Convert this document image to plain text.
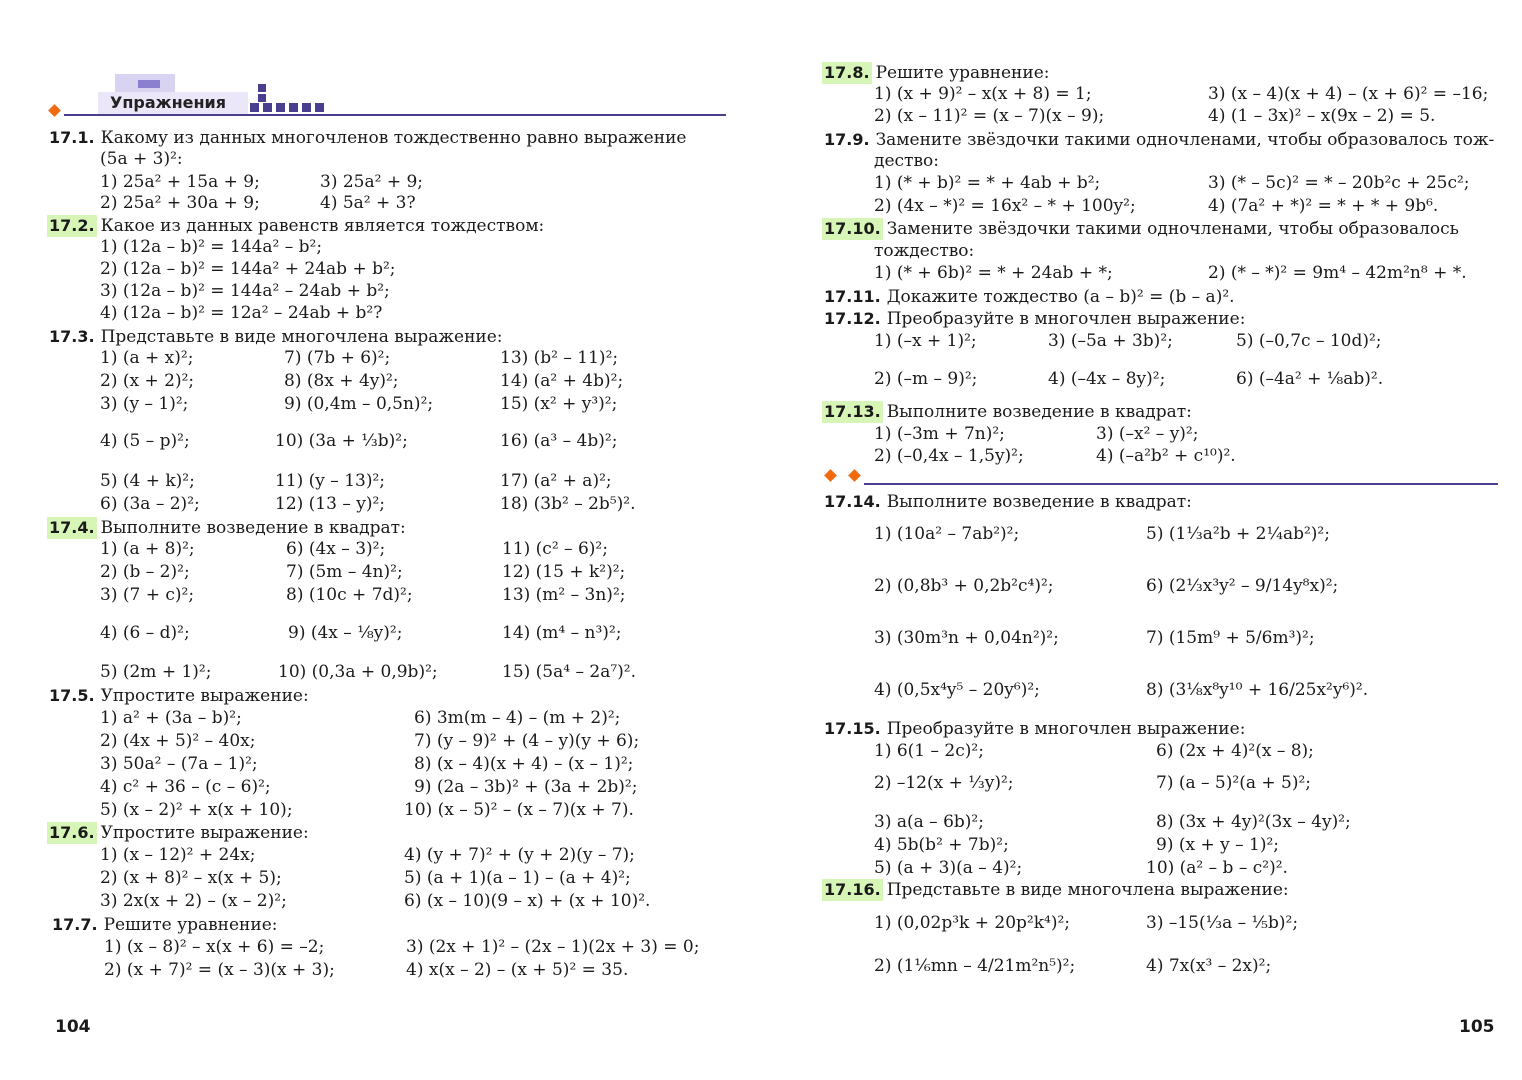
Упражнения
17.1. Какому из данных многочленов тождественно равно выражение
(5a + 3)²:
1) 25a² + 15a + 9;	3) 25a² + 9;
2) 25a² + 30a + 9;	4) 5a² + 3?
17.2. Какое из данных равенств является тождеством:
1) (12a – b)² = 144a² – b²;
2) (12a – b)² = 144a² + 24ab + b²;
3) (12a – b)² = 144a² – 24ab + b²;
4) (12a – b)² = 12a² – 24ab + b²?
17.3. Представьте в виде многочлена выражение:
1) (a + x)²;	7) (7b + 6)²;	13) (b² – 11)²;
2) (x + 2)²;	8) (8x + 4y)²;	14) (a² + 4b)²;
3) (y – 1)²;	9) (0,4m – 0,5n)²;	15) (x² + y³)²;
4) (5 – p)²;	10) (3a + ⅓b)²;	16) (a³ – 4b)²;
5) (4 + k)²;	11) (y – 13)²;	17) (a² + a)²;
6) (3a – 2)²;	12) (13 – y)²;	18) (3b² – 2b⁵)².
17.4. Выполните возведение в квадрат:
1) (a + 8)²;	6) (4x – 3)²;	11) (c² – 6)²;
2) (b – 2)²;	7) (5m – 4n)²;	12) (15 + k²)²;
3) (7 + c)²;	8) (10c + 7d)²;	13) (m² – 3n)²;
4) (6 – d)²;	9) (4x – ⅛y)²;	14) (m⁴ – n³)²;
5) (2m + 1)²;	10) (0,3a + 0,9b)²;	15) (5a⁴ – 2a⁷)².
17.5. Упростите выражение:
1) a² + (3a – b)²;	6) 3m(m – 4) – (m + 2)²;
2) (4x + 5)² – 40x;	7) (y – 9)² + (4 – y)(y + 6);
3) 50a² – (7a – 1)²;	8) (x – 4)(x + 4) – (x – 1)²;
4) c² + 36 – (c – 6)²;	9) (2a – 3b)² + (3a + 2b)²;
5) (x – 2)² + x(x + 10);	10) (x – 5)² – (x – 7)(x + 7).
17.6. Упростите выражение:
1) (x – 12)² + 24x;	4) (y + 7)² + (y + 2)(y – 7);
2) (x + 8)² – x(x + 5);	5) (a + 1)(a – 1) – (a + 4)²;
3) 2x(x + 2) – (x – 2)²;	6) (x – 10)(9 – x) + (x + 10)².
17.7. Решите уравнение:
1) (x – 8)² – x(x + 6) = –2;	3) (2x + 1)² – (2x – 1)(2x + 3) = 0;
2) (x + 7)² = (x – 3)(x + 3);	4) x(x – 2) – (x + 5)² = 35.
104
17.8. Решите уравнение:
1) (x + 9)² – x(x + 8) = 1;	3) (x – 4)(x + 4) – (x + 6)² = –16;
2) (x – 11)² = (x – 7)(x – 9);	4) (1 – 3x)² – x(9x – 2) = 5.
17.9. Замените звёздочки такими одночленами, чтобы образовалось тож-
дество:
1) (* + b)² = * + 4ab + b²;	3) (* – 5c)² = * – 20b²c + 25c²;
2) (4x – *)² = 16x² – * + 100y²;	4) (7a² + *)² = * + * + 9b⁶.
17.10. Замените звёздочки такими одночленами, чтобы образовалось
тождество:
1) (* + 6b)² = * + 24ab + *;	2) (* – *)² = 9m⁴ – 42m²n⁸ + *.
17.11. Докажите тождество (a – b)² = (b – a)².
17.12. Преобразуйте в многочлен выражение:
1) (–x + 1)²;	3) (–5a + 3b)²;	5) (–0,7c – 10d)²;
2) (–m – 9)²;	4) (–4x – 8y)²;	6) (–4a² + ⅛ab)².
17.13. Выполните возведение в квадрат:
1) (–3m + 7n)²;	3) (–x² – y)²;
2) (–0,4x – 1,5y)²;	4) (–a²b² + c¹⁰)².
17.14. Выполните возведение в квадрат:
1) (10a² – 7ab²)²;	5) (1⅓a²b + 2¼ab²)²;
2) (0,8b³ + 0,2b²c⁴)²;	6) (2⅓x³y² – 9/14y⁸x)²;
3) (30m³n + 0,04n²)²;	7) (15m⁹ + 5/6m³)²;
4) (0,5x⁴y⁵ – 20y⁶)²;	8) (3⅛x⁸y¹⁰ + 16/25x²y⁶)².
17.15. Преобразуйте в многочлен выражение:
1) 6(1 – 2c)²;	6) (2x + 4)²(x – 8);
2) –12(x + ⅓y)²;	7) (a – 5)²(a + 5)²;
3) a(a – 6b)²;	8) (3x + 4y)²(3x – 4y)²;
4) 5b(b² + 7b)²;	9) (x + y – 1)²;
5) (a + 3)(a – 4)²;	10) (a² – b – c²)².
17.16. Представьте в виде многочлена выражение:
1) (0,02p³k + 20p²k⁴)²;	3) –15(⅓a – ⅕b)²;
2) (1⅙mn – 4/21m²n⁵)²;	4) 7x(x³ – 2x)²;
105
